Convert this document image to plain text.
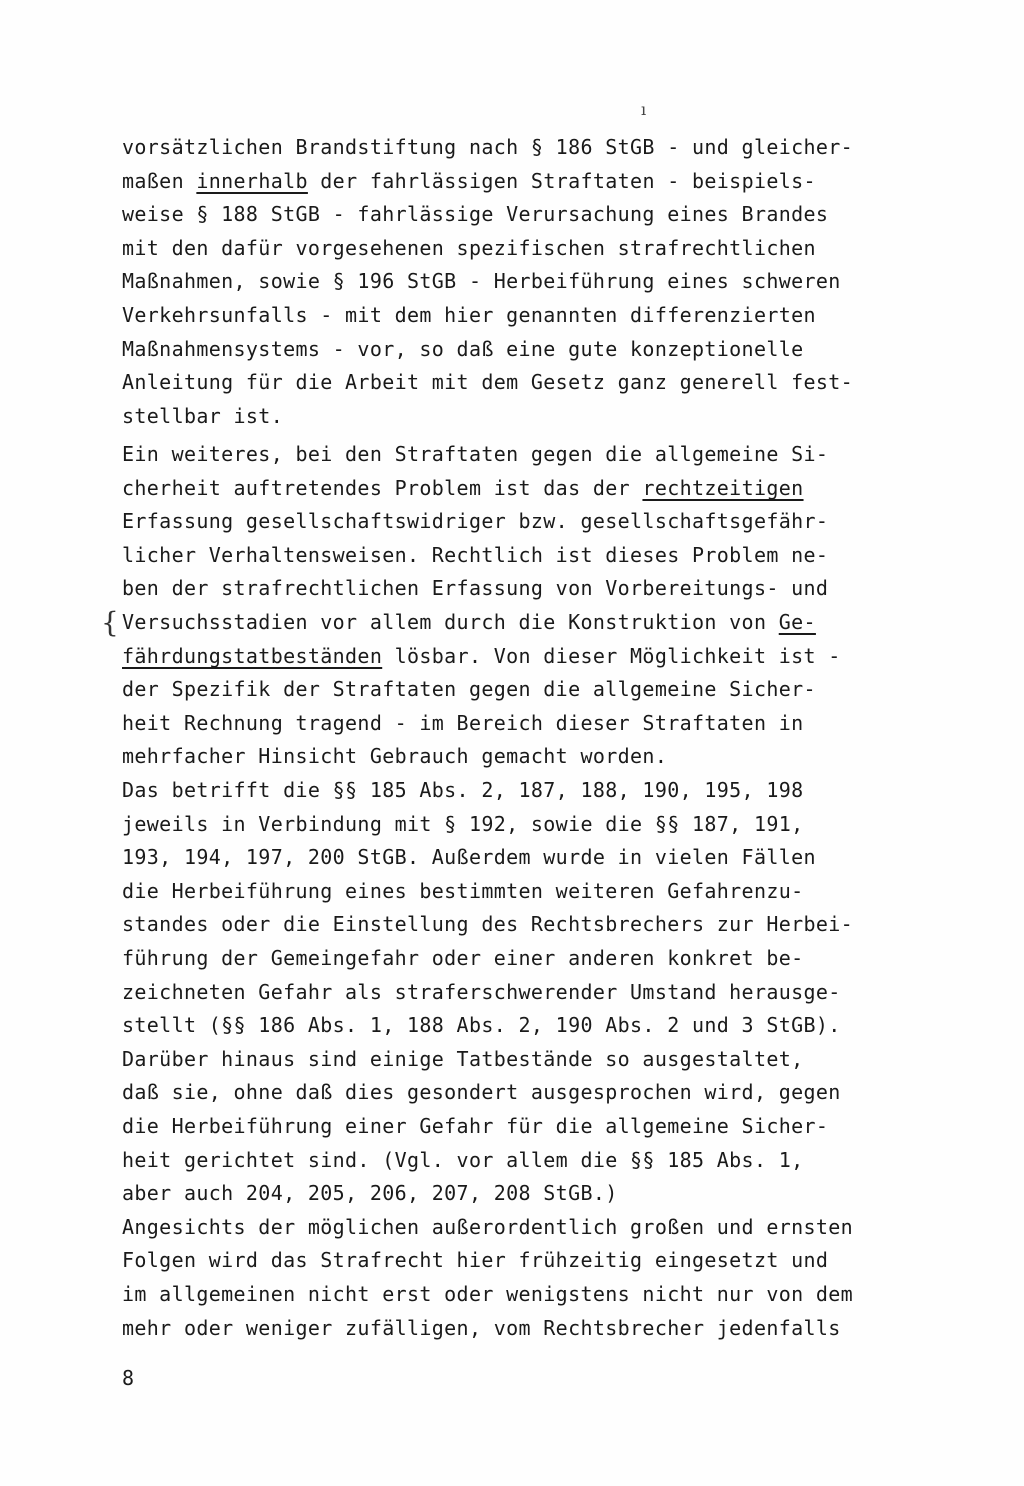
ı
{
vorsätzlichen Brandstiftung nach § 186 StGB - und gleicher-
maßen innerhalb der fahrlässigen Straftaten - beispiels-
weise § 188 StGB - fahrlässige Verursachung eines Brandes
mit den dafür vorgesehenen spezifischen strafrechtlichen
Maßnahmen, sowie § 196 StGB - Herbeiführung eines schweren
Verkehrsunfalls - mit dem hier genannten differenzierten
Maßnahmensystems - vor, so daß eine gute konzeptionelle
Anleitung für die Arbeit mit dem Gesetz ganz generell fest-
stellbar ist.
Ein weiteres, bei den Straftaten gegen die allgemeine Si-
cherheit auftretendes Problem ist das der rechtzeitigen
Erfassung gesellschaftswidriger bzw. gesellschaftsgefähr-
licher Verhaltensweisen. Rechtlich ist dieses Problem ne-
ben der strafrechtlichen Erfassung von Vorbereitungs- und
Versuchsstadien vor allem durch die Konstruktion von Ge-
fährdungstatbeständen lösbar. Von dieser Möglichkeit ist -
der Spezifik der Straftaten gegen die allgemeine Sicher-
heit Rechnung tragend - im Bereich dieser Straftaten in
mehrfacher Hinsicht Gebrauch gemacht worden.
Das betrifft die §§ 185 Abs. 2, 187, 188, 190, 195, 198
jeweils in Verbindung mit § 192, sowie die §§ 187, 191,
193, 194, 197, 200 StGB. Außerdem wurde in vielen Fällen
die Herbeiführung eines bestimmten weiteren Gefahrenzu-
standes oder die Einstellung des Rechtsbrechers zur Herbei-
führung der Gemeingefahr oder einer anderen konkret be-
zeichneten Gefahr als straferschwerender Umstand herausge-
stellt (§§ 186 Abs. 1, 188 Abs. 2, 190 Abs. 2 und 3 StGB).
Darüber hinaus sind einige Tatbestände so ausgestaltet,
daß sie, ohne daß dies gesondert ausgesprochen wird, gegen
die Herbeiführung einer Gefahr für die allgemeine Sicher-
heit gerichtet sind. (Vgl. vor allem die §§ 185 Abs. 1,
aber auch 204, 205, 206, 207, 208 StGB.)
Angesichts der möglichen außerordentlich großen und ernsten
Folgen wird das Strafrecht hier frühzeitig eingesetzt und
im allgemeinen nicht erst oder wenigstens nicht nur von dem
mehr oder weniger zufälligen, vom Rechtsbrecher jedenfalls
8
